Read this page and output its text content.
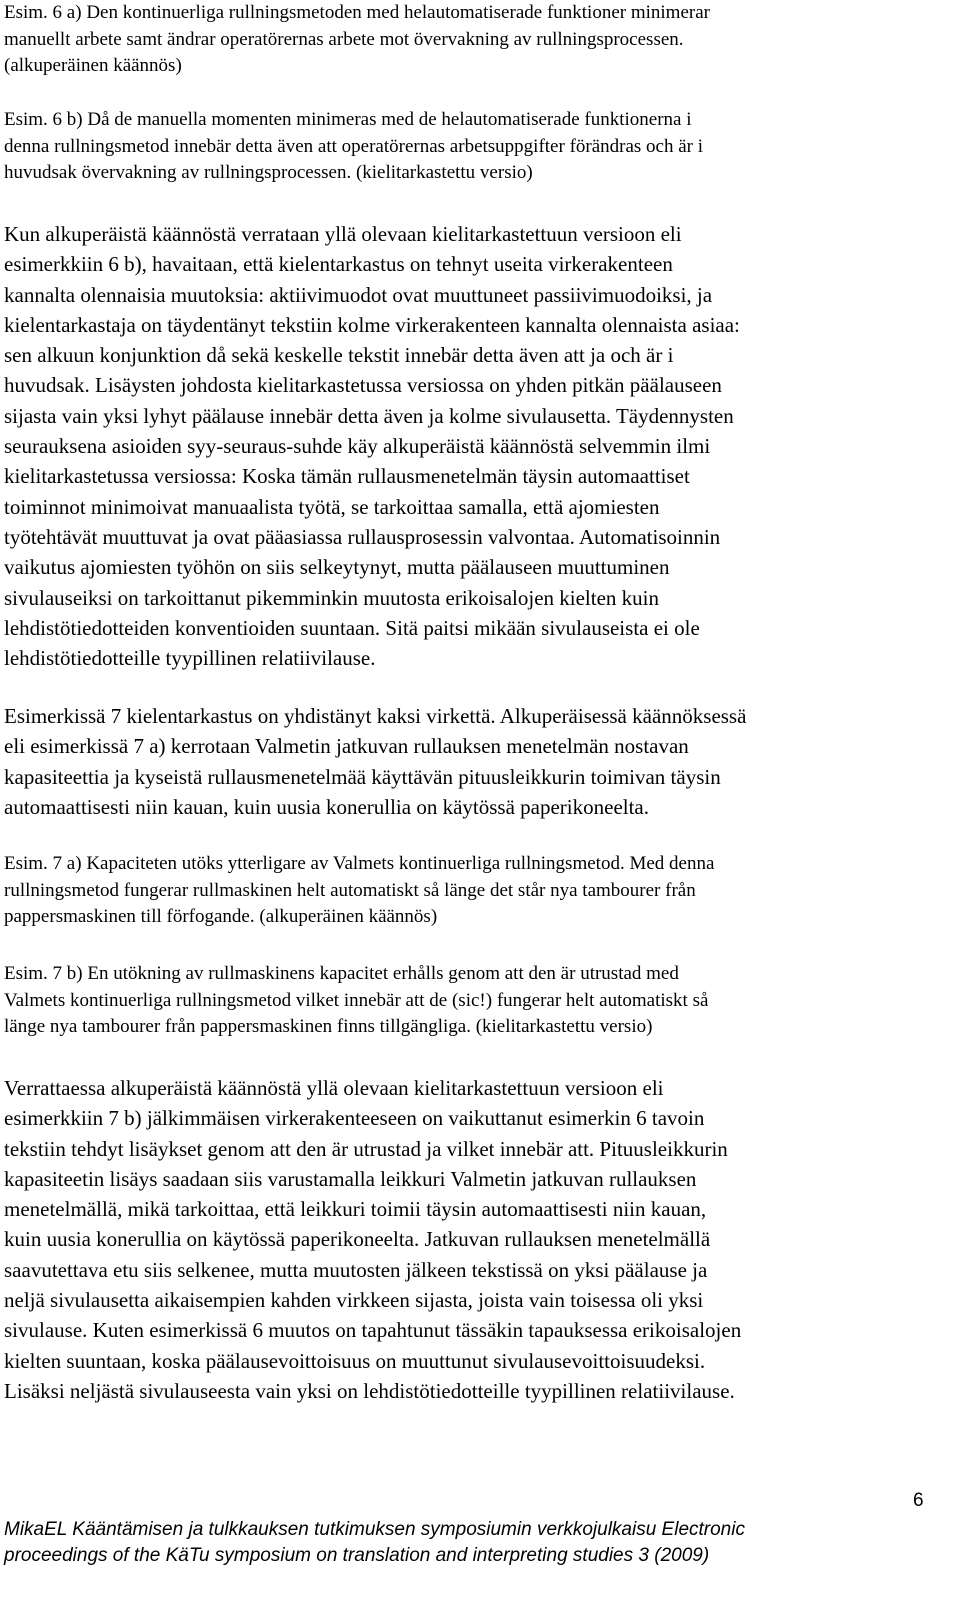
Esim. 6 a) Den kontinuerliga rullningsmetoden med helautomatiserade funktioner minimerar
manuellt arbete samt ändrar operatörernas arbete mot övervakning av rullningsprocessen.
(alkuperäinen käännös)

Esim. 6 b) Då de manuella momenten minimeras med de helautomatiserade funktionerna i
denna rullningsmetod innebär detta även att operatörernas arbetsuppgifter förändras och är i
huvudsak övervakning av rullningsprocessen. (kielitarkastettu versio)

Kun alkuperäistä käännöstä verrataan yllä olevaan kielitarkastettuun versioon eli
esimerkkiin 6 b), havaitaan, että kielentarkastus on tehnyt useita virkerakenteen
kannalta olennaisia muutoksia: aktiivimuodot ovat muuttuneet passiivimuodoiksi, ja
kielentarkastaja on täydentänyt tekstiin kolme virkerakenteen kannalta olennaista asiaa:
sen alkuun konjunktion då sekä keskelle tekstit innebär detta även att ja och är i
huvudsak. Lisäysten johdosta kielitarkastetussa versiossa on yhden pitkän päälauseen
sijasta vain yksi lyhyt päälause innebär detta även ja kolme sivulausetta. Täydennysten
seurauksena asioiden syy-seuraus-suhde käy alkuperäistä käännöstä selvemmin ilmi
kielitarkastetussa versiossa: Koska tämän rullausmenetelmän täysin automaattiset
toiminnot minimoivat manuaalista työtä, se tarkoittaa samalla, että ajomiesten
työtehtävät muuttuvat ja ovat pääasiassa rullausprosessin valvontaa. Automatisoinnin
vaikutus ajomiesten työhön on siis selkeytynyt, mutta päälauseen muuttuminen
sivulauseiksi on tarkoittanut pikemminkin muutosta erikoisalojen kielten kuin
lehdistötiedotteiden konventioiden suuntaan. Sitä paitsi mikään sivulauseista ei ole
lehdistötiedotteille tyypillinen relatiivilause.

Esimerkissä 7 kielentarkastus on yhdistänyt kaksi virkettä. Alkuperäisessä käännöksessä
eli esimerkissä 7 a) kerrotaan Valmetin jatkuvan rullauksen menetelmän nostavan
kapasiteettia ja kyseistä rullausmenetelmää käyttävän pituusleikkurin toimivan täysin
automaattisesti niin kauan, kuin uusia konerullia on käytössä paperikoneelta.

Esim. 7 a) Kapaciteten utöks ytterligare av Valmets kontinuerliga rullningsmetod. Med denna
rullningsmetod fungerar rullmaskinen helt automatiskt så länge det står nya tambourer från
pappersmaskinen till förfogande. (alkuperäinen käännös)

Esim. 7 b) En utökning av rullmaskinens kapacitet erhålls genom att den är utrustad med
Valmets kontinuerliga rullningsmetod vilket innebär att de (sic!) fungerar helt automatiskt så
länge nya tambourer från pappersmaskinen finns tillgängliga. (kielitarkastettu versio)

Verrattaessa alkuperäistä käännöstä yllä olevaan kielitarkastettuun versioon eli
esimerkkiin 7 b) jälkimmäisen virkerakenteeseen on vaikuttanut esimerkin 6 tavoin
tekstiin tehdyt lisäykset genom att den är utrustad ja vilket innebär att. Pituusleikkurin
kapasiteetin lisäys saadaan siis varustamalla leikkuri Valmetin jatkuvan rullauksen
menetelmällä, mikä tarkoittaa, että leikkuri toimii täysin automaattisesti niin kauan,
kuin uusia konerullia on käytössä paperikoneelta. Jatkuvan rullauksen menetelmällä
saavutettava etu siis selkenee, mutta muutosten jälkeen tekstissä on yksi päälause ja
neljä sivulausetta aikaisempien kahden virkkeen sijasta, joista vain toisessa oli yksi
sivulause. Kuten esimerkissä 6 muutos on tapahtunut tässäkin tapauksessa erikoisalojen
kielten suuntaan, koska päälausevoittoisuus on muuttunut sivulausevoittoisuudeksi.
Lisäksi neljästä sivulauseesta vain yksi on lehdistötiedotteille tyypillinen relatiivilause.

6

MikaEL Kääntämisen ja tulkkauksen tutkimuksen symposiumin verkkojulkaisu Electronic
proceedings of the KäTu symposium on translation and interpreting studies 3 (2009)
